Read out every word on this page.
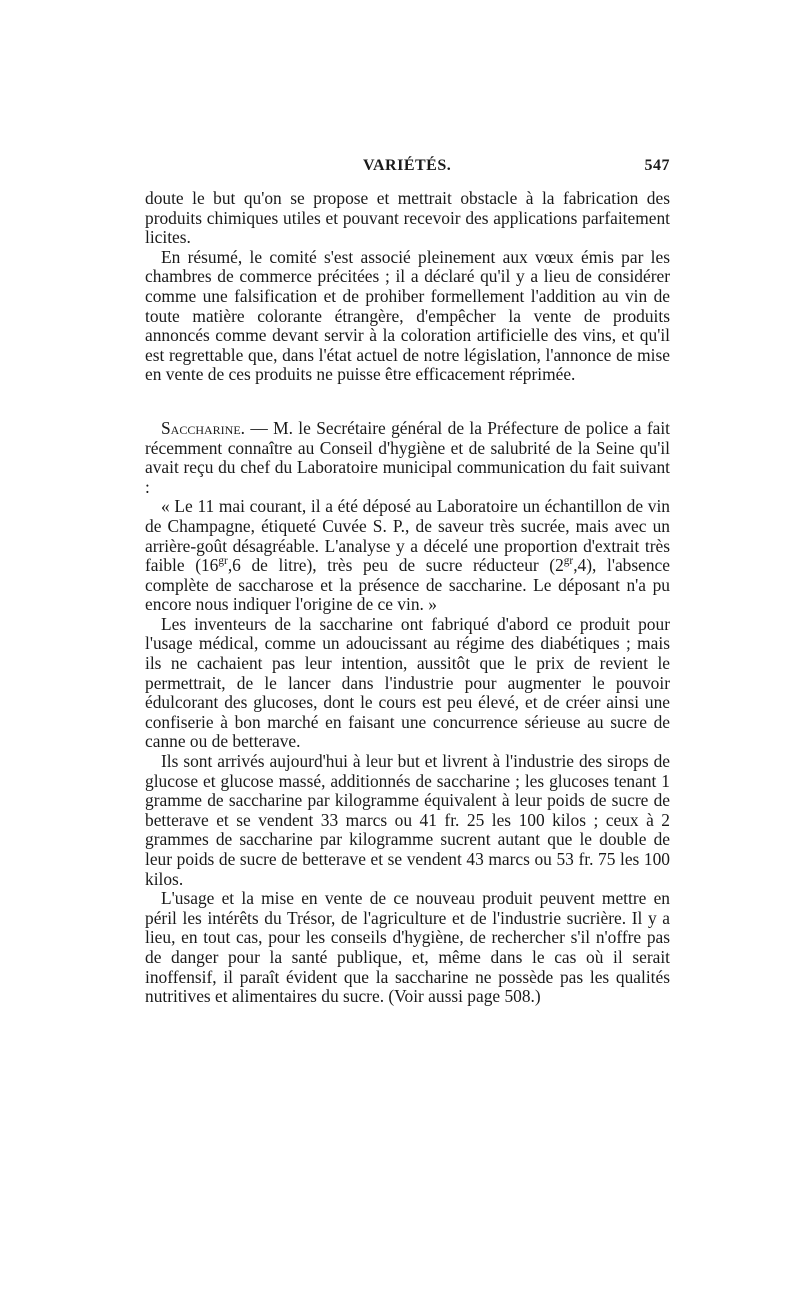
VARIÉTÉS.	547

doute le but qu'on se propose et mettrait obstacle à la fabrication des produits chimiques utiles et pouvant recevoir des applications parfaitement licites.

En résumé, le comité s'est associé pleinement aux vœux émis par les chambres de commerce précitées ; il a déclaré qu'il y a lieu de considérer comme une falsification et de prohiber formellement l'addition au vin de toute matière colorante étrangère, d'empêcher la vente de produits annoncés comme devant servir à la coloration artificielle des vins, et qu'il est regrettable que, dans l'état actuel de notre législation, l'annonce de mise en vente de ces produits ne puisse être efficacement réprimée.

Saccharine. — M. le Secrétaire général de la Préfecture de police a fait récemment connaître au Conseil d'hygiène et de salubrité de la Seine qu'il avait reçu du chef du Laboratoire municipal communication du fait suivant :

« Le 11 mai courant, il a été déposé au Laboratoire un échantillon de vin de Champagne, étiqueté Cuvée S. P., de saveur très sucrée, mais avec un arrière-goût désagréable. L'analyse y a décelé une proportion d'extrait très faible ($16^{gr},6$ de litre), très peu de sucre réducteur $(2^{gr},4)$, l'absence complète de saccharose et la présence de saccharine. Le déposant n'a pu encore nous indiquer l'origine de ce vin. »

Les inventeurs de la saccharine ont fabriqué d'abord ce produit pour l'usage médical, comme un adoucissant au régime des diabétiques ; mais ils ne cachaient pas leur intention, aussitôt que le prix de revient le permettrait, de le lancer dans l'industrie pour augmenter le pouvoir édulcorant des glucoses, dont le cours est peu élevé, et de créer ainsi une confiserie à bon marché en faisant une concurrence sérieuse au sucre de canne ou de betterave.

Ils sont arrivés aujourd'hui à leur but et livrent à l'industrie des sirops de glucose et glucose massé, additionnés de saccharine ; les glucoses tenant 1 gramme de saccharine par kilogramme équivalent à leur poids de sucre de betterave et se vendent 33 marcs ou 41 fr. 25 les 100 kilos ; ceux à 2 grammes de saccharine par kilogramme sucrent autant que le double de leur poids de sucre de betterave et se vendent 43 marcs ou 53 fr. 75 les 100 kilos.

L'usage et la mise en vente de ce nouveau produit peuvent mettre en péril les intérêts du Trésor, de l'agriculture et de l'industrie sucrière. Il y a lieu, en tout cas, pour les conseils d'hygiène, de rechercher s'il n'offre pas de danger pour la santé publique, et, même dans le cas où il serait inoffensif, il paraît évident que la saccharine ne possède pas les qualités nutritives et alimentaires du sucre. (Voir aussi page 508.)
